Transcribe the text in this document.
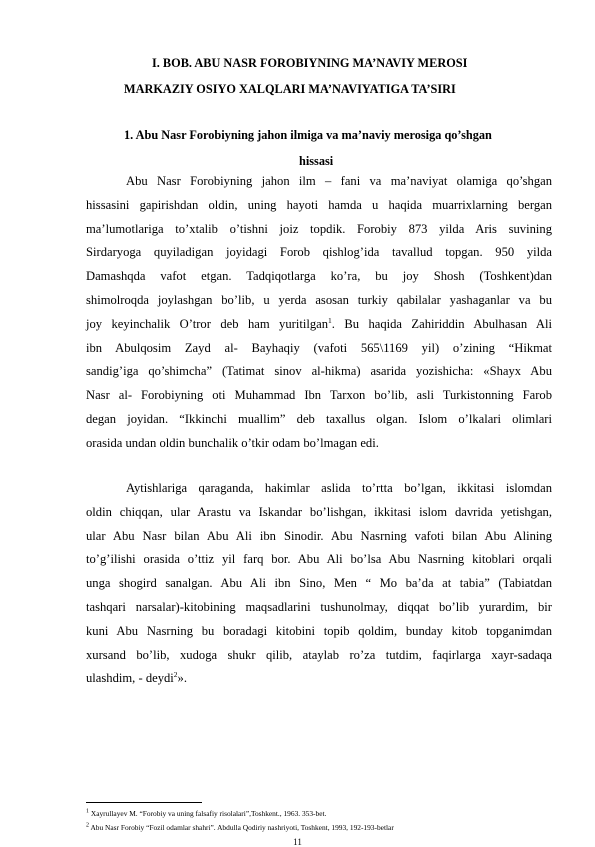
I. BOB. ABU NASR FOROBIYNING MA’NAVIY MEROSI
MARKAZIY OSIYO XALQLARI MA’NAVIYATIGA TA’SIRI
1. Abu Nasr Forobiyning jahon ilmiga va ma’naviy merosiga qo’shgan
hissasi
Abu Nasr Forobiyning jahon ilm – fani va ma’naviyat olamiga qo’shgan
hissasini gapirishdan oldin, uning hayoti hamda u haqida muarrixlarning bergan
ma’lumotlariga to’xtalib o’tishni joiz topdik. Forobiy 873 yilda Aris suvining
Sirdaryoga quyiladigan joyidagi Forob qishlog’ida tavallud topgan. 950 yilda
Damashqda vafot etgan. Tadqiqotlarga ko’ra, bu joy Shosh (Toshkent)dan
shimolroqda joylashgan bo’lib, u yerda asosan turkiy qabilalar yashaganlar va bu
joy keyinchalik O’tror deb ham yuritilgan$^1$. Bu haqida Zahiriddin Abulhasan Ali
ibn Abulqosim Zayd al- Bayhaqiy (vafoti 565\1169 yil) o’zining “Hikmat
sandig’iga qo’shimcha” (Tatimat sinov al-hikma) asarida yozishicha: «Shayx Abu
Nasr al- Forobiyning oti Muhammad Ibn Tarxon bo’lib, asli Turkistonning Farob
degan joyidan. “Ikkinchi muallim” deb taxallus olgan. Islom o’lkalari olimlari
orasida undan oldin bunchalik o’tkir odam bo’lmagan edi.
Aytishlariga qaraganda, hakimlar aslida to’rtta bo’lgan, ikkitasi islomdan
oldin chiqqan, ular Arastu va Iskandar bo’lishgan, ikkitasi islom davrida yetishgan,
ular Abu Nasr bilan Abu Ali ibn Sinodir. Abu Nasrning vafoti bilan Abu Alining
to’g’ilishi orasida o’ttiz yil farq bor. Abu Ali bo’lsa Abu Nasrning kitoblari orqali
unga shogird sanalgan. Abu Ali ibn Sino, Men “ Mo ba’da at tabia” (Tabiatdan
tashqari narsalar)-kitobining maqsadlarini tushunolmay, diqqat bo’lib yurardim, bir
kuni Abu Nasrning bu boradagi kitobini topib qoldim, bunday kitob topganimdan
xursand bo’lib, xudoga shukr qilib, ataylab ro’za tutdim, faqirlarga xayr-sadaqa
ulashdim, - deydi$^2$».
$^1$ Xayrullayev M. “Forobiy va uning falsafiy risolalari”,Toshkent., 1963. 353-bet.
$^2$ Abu Nasr Forobiy “Fozil odamlar shahri”. Abdulla Qodiriy nashriyoti, Toshkent, 1993, 192-193-betlar
11
